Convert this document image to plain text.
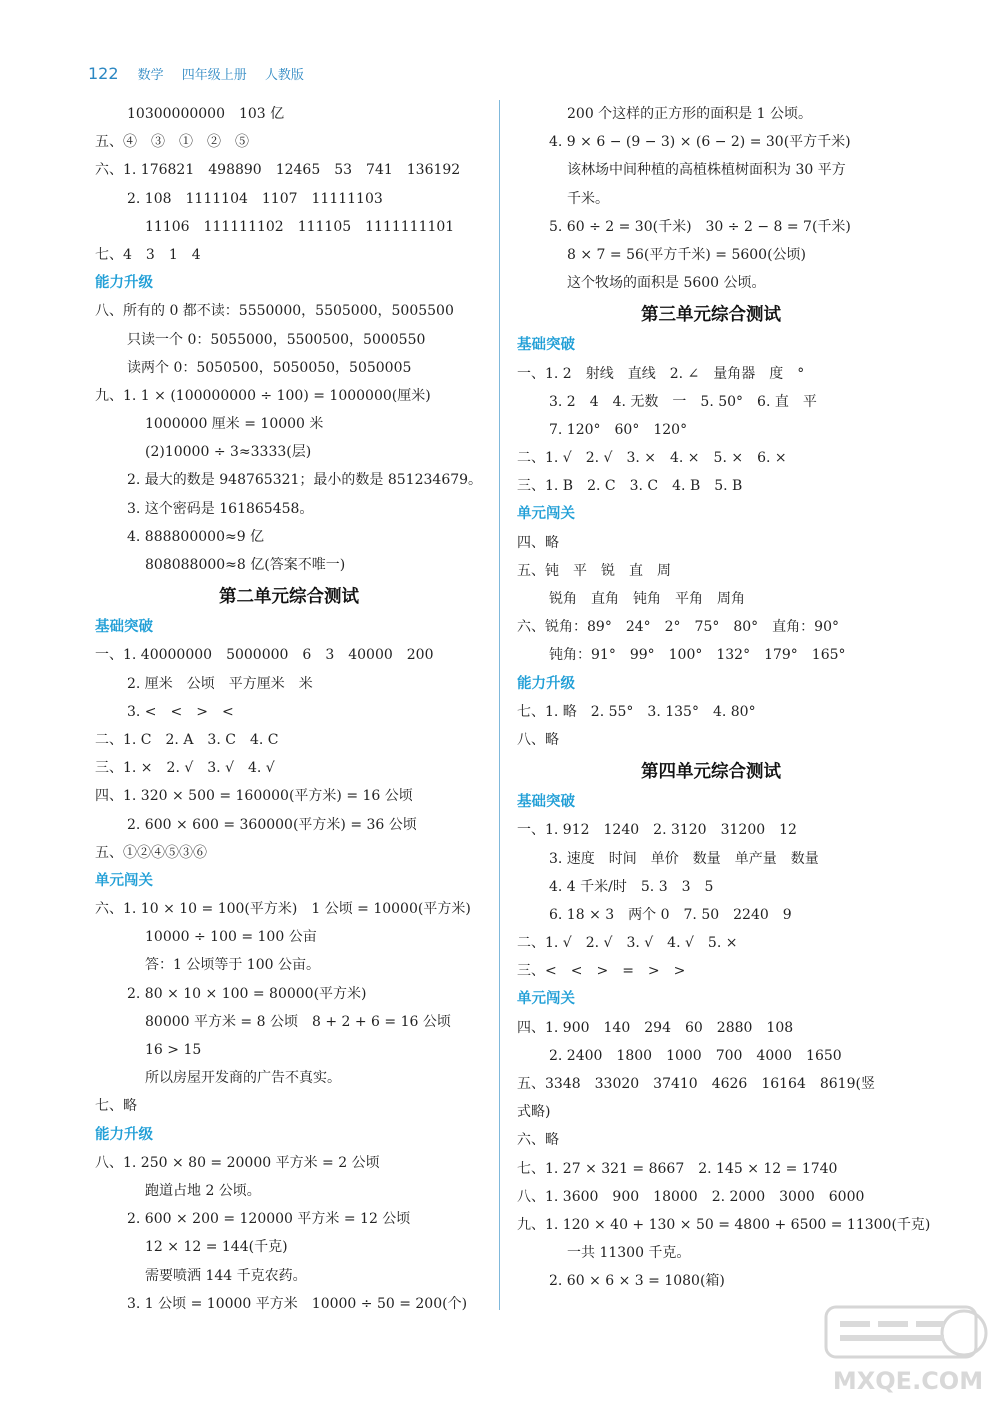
122 数学 四年级上册 人教版
10300000000　103 亿
五、④　③　①　②　⑤
六、1. 176821　498890　12465　53　741　136192
2. 108　1111104　1107　11111103
11106　111111102　111105　1111111101
七、4　3　1　4
能力升级
八、所有的 0 都不读：5550000，5505000，5005500
只读一个 0：5055000，5500500，5000550
读两个 0：5050500，5050050，5050005
九、1. 1 × (100000000 ÷ 100) = 1000000(厘米)
1000000 厘米 = 10000 米
(2)10000 ÷ 3≈3333(层)
2. 最大的数是 948765321；最小的数是 851234679。
3. 这个密码是 161865458。
4. 888800000≈9 亿
808088000≈8 亿(答案不唯一)
第二单元综合测试
基础突破
一、1. 40000000　5000000　6　3　40000　200
2. 厘米　公顷　平方厘米　米
3. <　<　>　<
二、1. C　2. A　3. C　4. C
三、1. ×　2. √　3. √　4. √
四、1. 320 × 500 = 160000(平方米) = 16 公顷
2. 600 × 600 = 360000(平方米) = 36 公顷
五、①②④⑤③⑥
单元闯关
六、1. 10 × 10 = 100(平方米)　1 公顷 = 10000(平方米)
10000 ÷ 100 = 100 公亩
答：1 公顷等于 100 公亩。
2. 80 × 10 × 100 = 80000(平方米)
80000 平方米 = 8 公顷　8 + 2 + 6 = 16 公顷
16 > 15
所以房屋开发商的广告不真实。
七、略
能力升级
八、1. 250 × 80 = 20000 平方米 = 2 公顷
跑道占地 2 公顷。
2. 600 × 200 = 120000 平方米 = 12 公顷
12 × 12 = 144(千克)
需要喷洒 144 千克农药。
3. 1 公顷 = 10000 平方米　10000 ÷ 50 = 200(个)
200 个这样的正方形的面积是 1 公顷。
4. 9 × 6 − (9 − 3) × (6 − 2) = 30(平方千米)
该林场中间种植的高植株植树面积为 30 平方
千米。
5. 60 ÷ 2 = 30(千米)　30 ÷ 2 − 8 = 7(千米)
8 × 7 = 56(平方千米) = 5600(公顷)
这个牧场的面积是 5600 公顷。
第三单元综合测试
基础突破
一、1. 2　射线　直线　2. ∠　量角器　度　°
3. 2　4　4. 无数　一　5. 50°　6. 直　平
7. 120°　60°　120°
二、1. √　2. √　3. ×　4. ×　5. ×　6. ×
三、1. B　2. C　3. C　4. B　5. B
单元闯关
四、略
五、钝　平　锐　直　周
锐角　直角　钝角　平角　周角
六、锐角：89°　24°　2°　75°　80°　直角：90°
钝角：91°　99°　100°　132°　179°　165°
能力升级
七、1. 略　2. 55°　3. 135°　4. 80°
八、略
第四单元综合测试
基础突破
一、1. 912　1240　2. 3120　31200　12
3. 速度　时间　单价　数量　单产量　数量
4. 4 千米/时　5. 3　3　5
6. 18 × 3　两个 0　7. 50　2240　9
二、1. √　2. √　3. √　4. √　5. ×
三、<　<　>　=　>　>
单元闯关
四、1. 900　140　294　60　2880　108
2. 2400　1800　1000　700　4000　1650
五、3348　33020　37410　4626　16164　8619(竖
式略)
六、略
七、1. 27 × 321 = 8667　2. 145 × 12 = 1740
八、1. 3600　900　18000　2. 2000　3000　6000
九、1. 120 × 40 + 130 × 50 = 4800 + 6500 = 11300(千克)
一共 11300 千克。
2. 60 × 6 × 3 = 1080(箱)
MXQE.COM
